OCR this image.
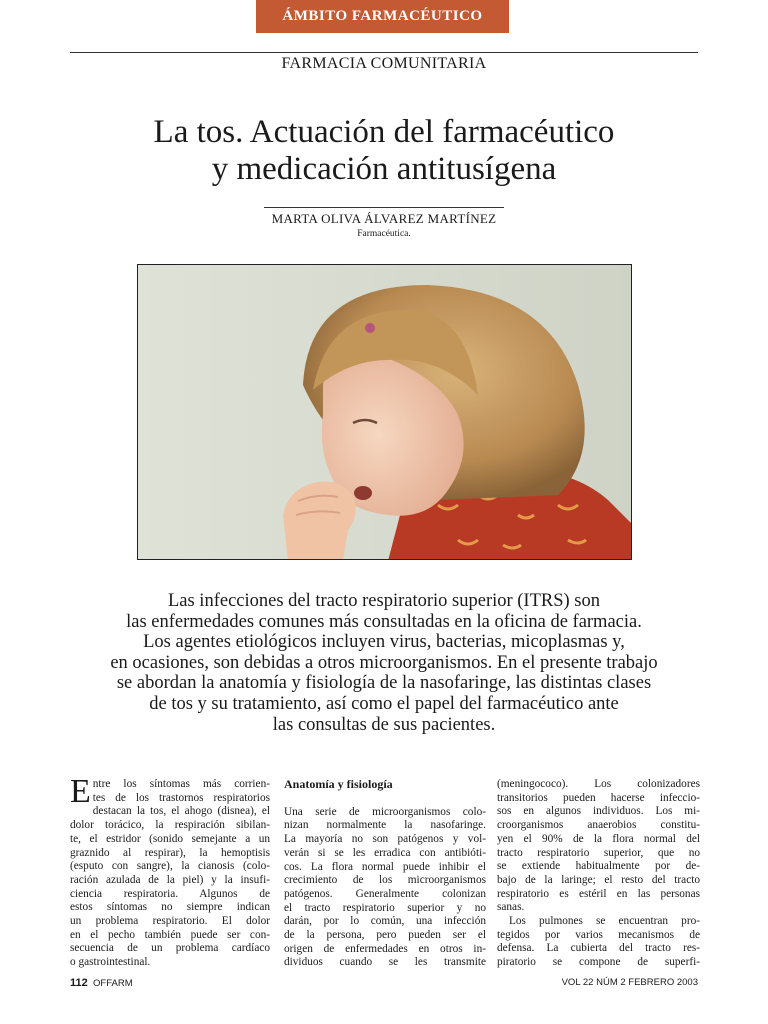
ÁMBITO FARMACÉUTICO
FARMACIA COMUNITARIA
La tos. Actuación del farmacéutico
y medicación antitusígena
MARTA OLIVA ÁLVAREZ MARTÍNEZ
Farmacéutica.
Las infecciones del tracto respiratorio superior (ITRS) son
las enfermedades comunes más consultadas en la oficina de farmacia.
Los agentes etiológicos incluyen virus, bacterias, micoplasmas y,
en ocasiones, son debidas a otros microorganismos. En el presente trabajo
se abordan la anatomía y fisiología de la nasofaringe, las distintas clases
de tos y su tratamiento, así como el papel del farmacéutico ante
las consultas de sus pacientes.
E ntre los síntomas más corrien-
tes de los trastornos respiratorios
destacan la tos, el ahogo (disnea), el
dolor torácico, la respiración sibilan-
te, el estridor (sonido semejante a un
graznido al respirar), la hemoptisis
(esputo con sangre), la cianosis (colo-
ración azulada de la piel) y la insufi-
ciencia respiratoria. Algunos de
estos síntomas no siempre indican
un problema respiratorio. El dolor
en el pecho también puede ser con-
secuencia de un problema cardíaco
o gastrointestinal.

Anatomía y fisiología

Una serie de microorganismos colo-
nizan normalmente la nasofaringe.
La mayoría no son patógenos y vol-
verán si se les erradica con antibióti-
cos. La flora normal puede inhibir el
crecimiento de los microorganismos
patógenos. Generalmente colonizan
el tracto respiratorio superior y no
darán, por lo común, una infección
de la persona, pero pueden ser el
origen de enfermedades en otros in-
dividuos cuando se les transmite
(meningococo). Los colonizadores
transitorios pueden hacerse infeccio-
sos en algunos individuos. Los mi-
croorganismos anaerobios constitu-
yen el 90% de la flora normal del
tracto respiratorio superior, que no
se extiende habitualmente por de-
bajo de la laringe; el resto del tracto
respiratorio es estéril en las personas
sanas.
Los pulmones se encuentran pro-
tegidos por varios mecanismos de
defensa. La cubierta del tracto res-
piratorio se compone de superfi-
112 OFFARM	VOL 22 NÚM 2 FEBRERO 2003
